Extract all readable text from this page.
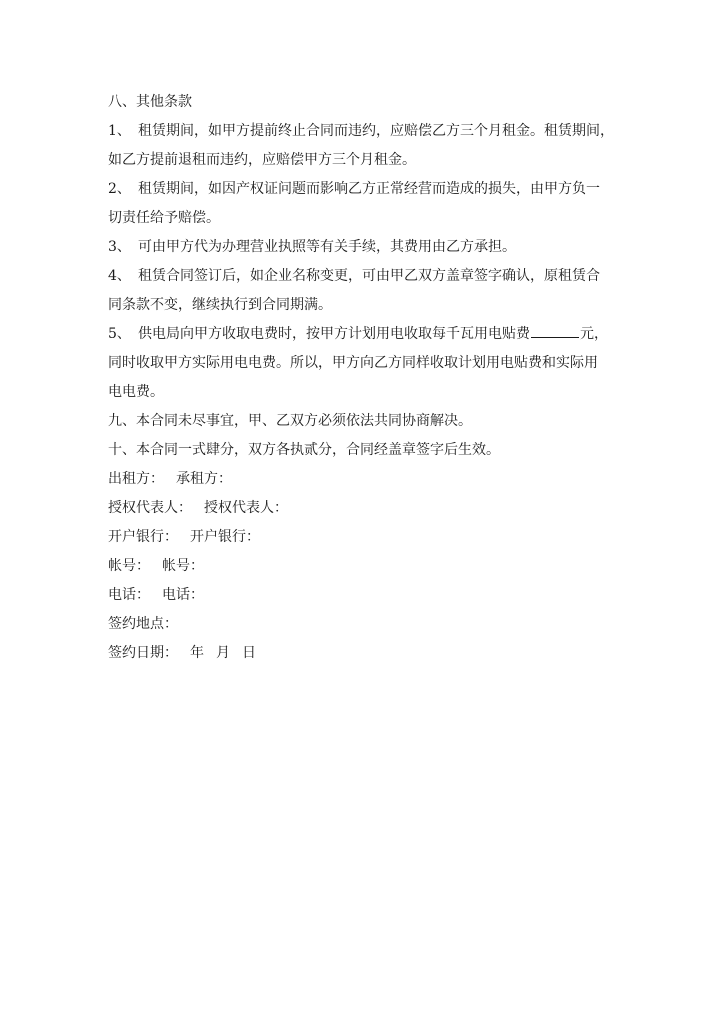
八、其他条款
1、 租赁期间，如甲方提前终止合同而违约，应赔偿乙方三个月租金。租赁期间，
如乙方提前退租而违约，应赔偿甲方三个月租金。
2、 租赁期间，如因产权证问题而影响乙方正常经营而造成的损失，由甲方负一
切责任给予赔偿。
3、 可由甲方代为办理营业执照等有关手续，其费用由乙方承担。
4、 租赁合同签订后，如企业名称变更，可由甲乙双方盖章签字确认，原租赁合
同条款不变，继续执行到合同期满。
5、 供电局向甲方收取电费时，按甲方计划用电收取每千瓦用电贴费	元，
同时收取甲方实际用电电费。所以，甲方向乙方同样收取计划用电贴费和实际用
电电费。
九、本合同未尽事宜，甲、乙双方必须依法共同协商解决。
十、本合同一式肆分，双方各执贰分，合同经盖章签字后生效。
出租方： 承租方：
授权代表人： 授权代表人：
开户银行： 开户银行：
帐号： 帐号：
电话： 电话：
签约地点：
签约日期： 年 月 日
